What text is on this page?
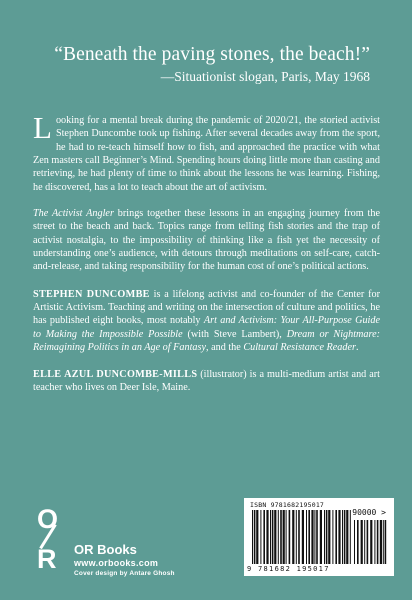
“Beneath the paving stones, the beach!”
—Situationist slogan, Paris, May 1968

Looking for a mental break during the pandemic of 2020/21, the storied activist Stephen Duncombe took up fishing. After several decades away from the sport, he had to re-teach himself how to fish, and approached the practice with what Zen masters call Beginner’s Mind. Spending hours doing little more than casting and retrieving, he had plenty of time to think about the lessons he was learning. Fishing, he discovered, has a lot to teach about the art of activism.

The Activist Angler brings together these lessons in an engaging journey from the street to the beach and back. Topics range from telling fish stories and the trap of activist nostalgia, to the impossibility of thinking like a fish yet the necessity of understanding one’s audience, with detours through meditations on self-care, catch-and-release, and taking responsibility for the human cost of one’s political actions.

STEPHEN DUNCOMBE is a lifelong activist and co-founder of the Center for Artistic Activism. Teaching and writing on the intersection of culture and politics, he has published eight books, most notably Art and Activism: Your All-Purpose Guide to Making the Impossible Possible (with Steve Lambert), Dream or Nightmare: Reimagining Politics in an Age of Fantasy, and the Cultural Resistance Reader.

ELLE AZUL DUNCOMBE-MILLS (illustrator) is a multi-medium artist and art teacher who lives on Deer Isle, Maine.

O
R OR Books
www.orbooks.com
Cover design by Antare Ghosh
ISBN 9781682195017
90000 >
9 781682 195017
